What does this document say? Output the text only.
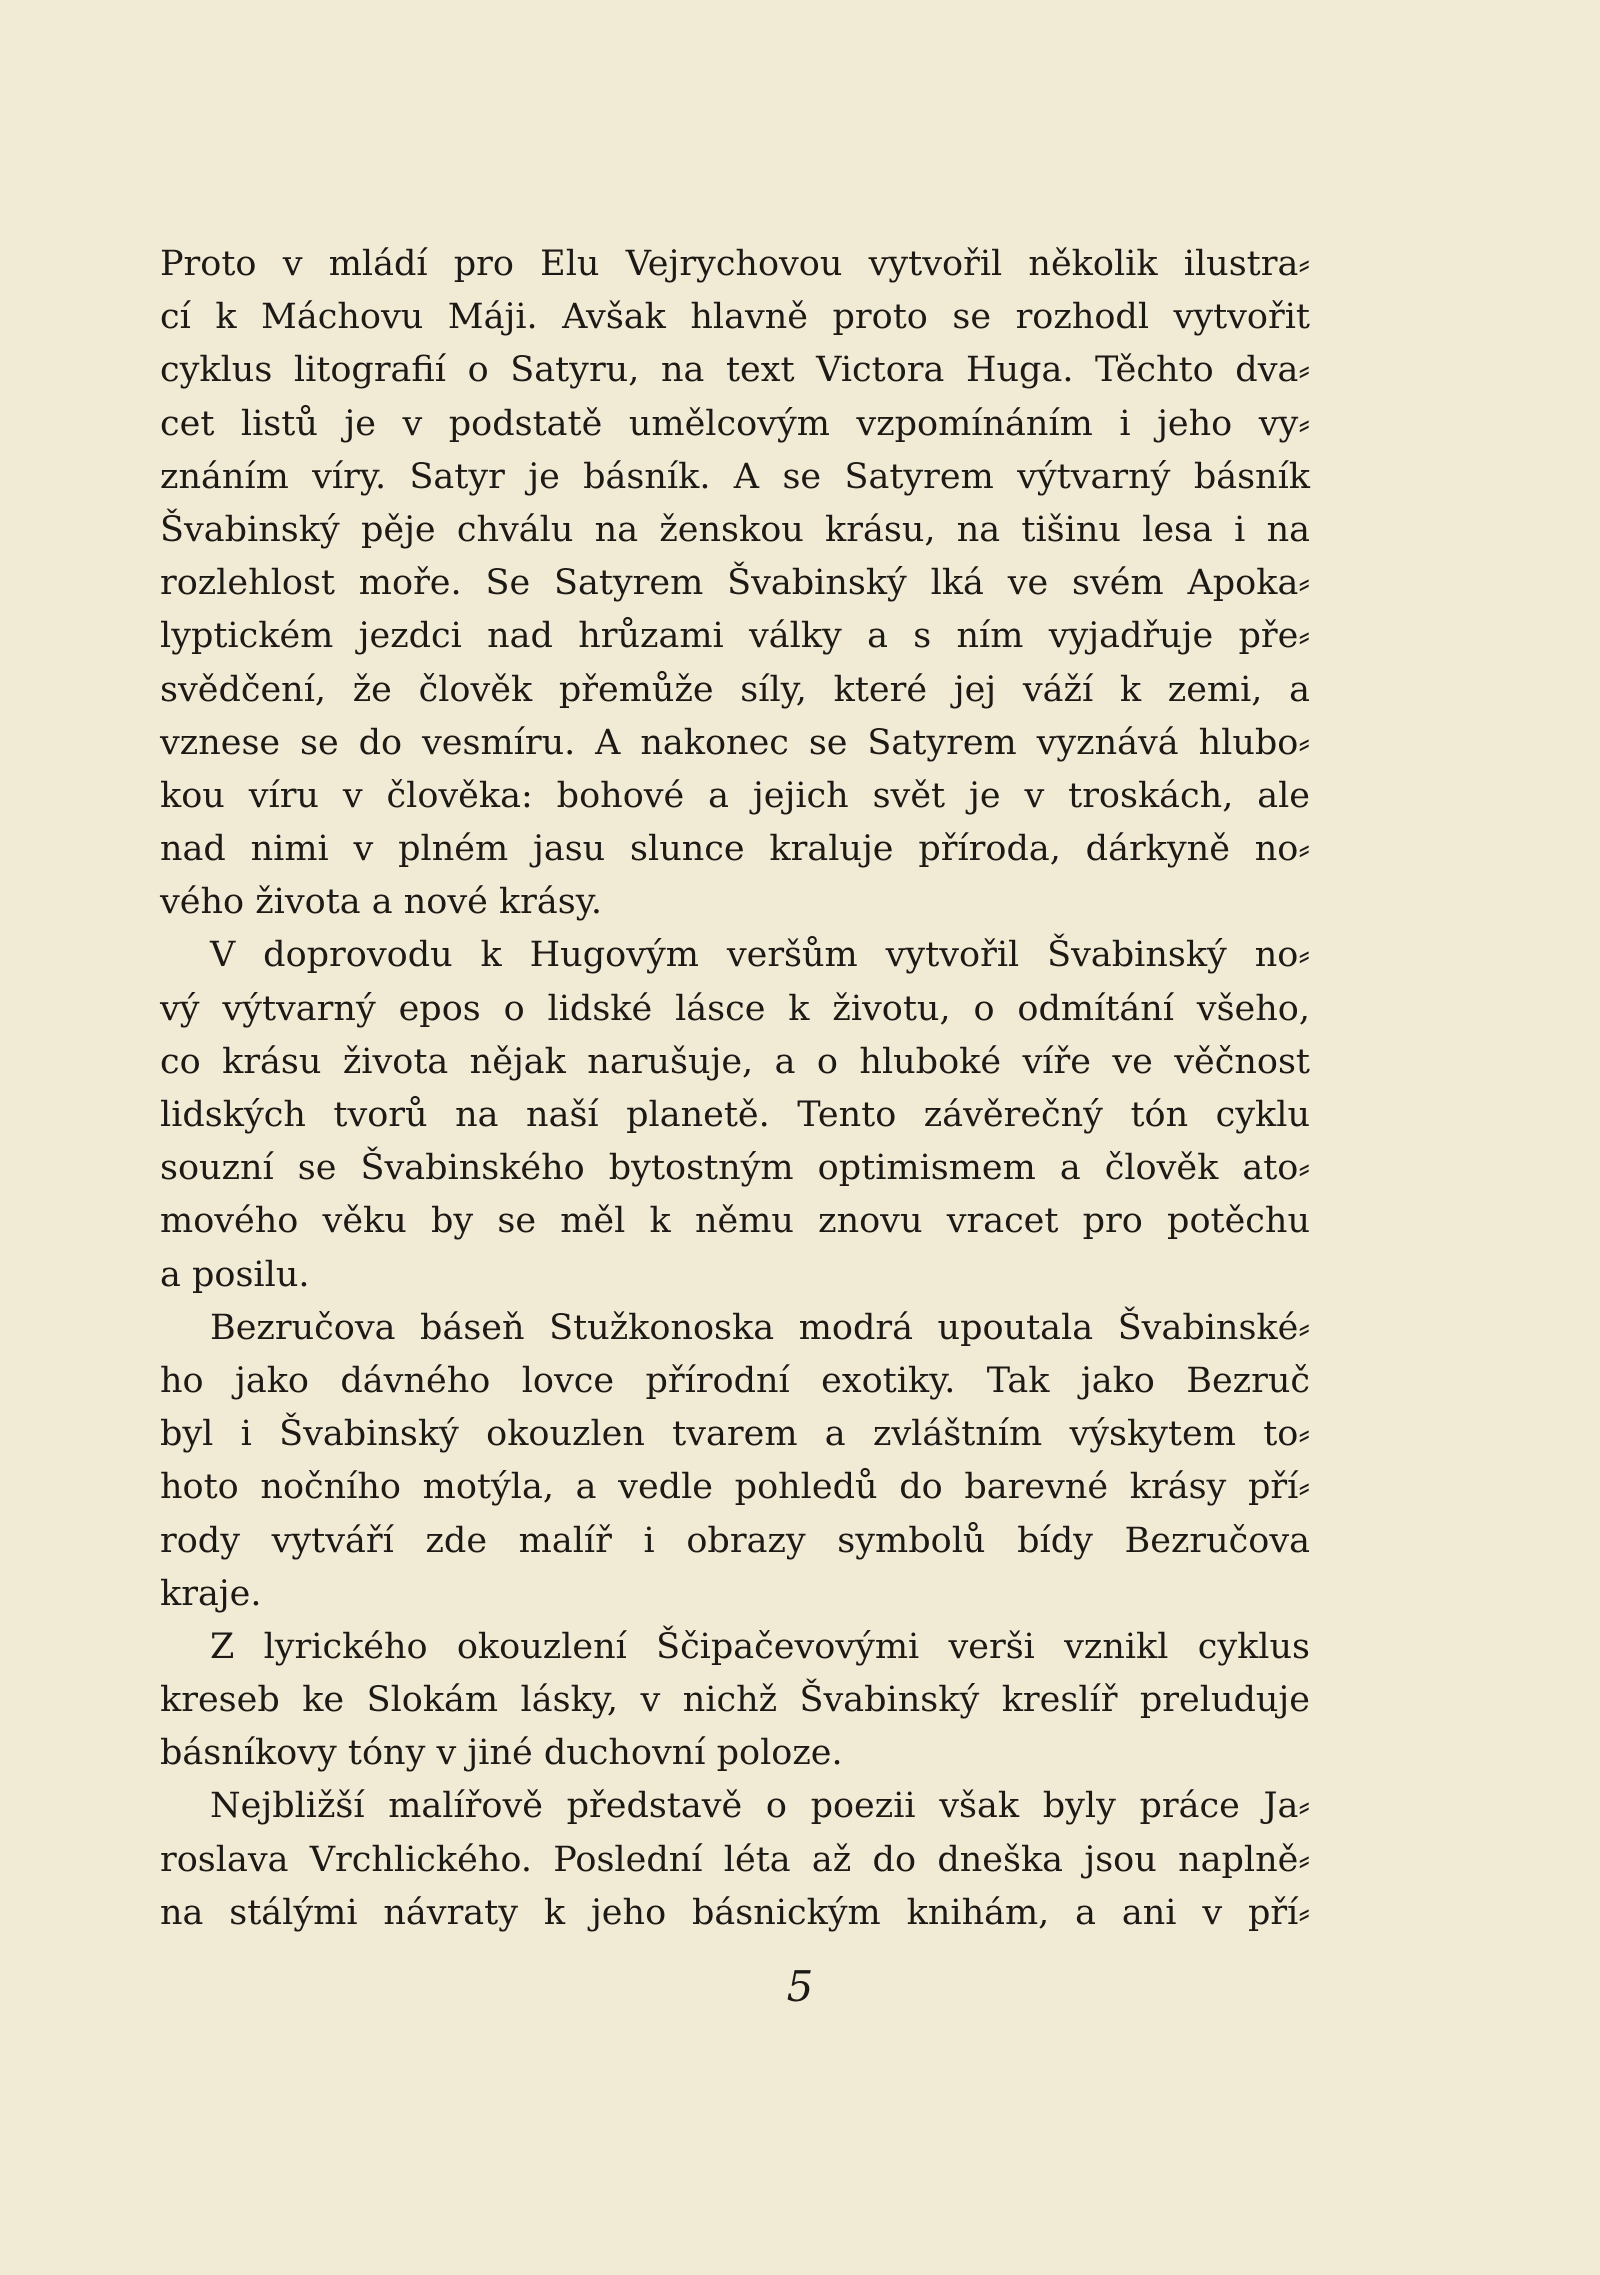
Proto v mládí pro Elu Vejrychovou vytvořil několik ilustra⸗
cí k Máchovu Máji. Avšak hlavně proto se rozhodl vytvořit
cyklus litografií o Satyru, na text Victora Huga. Těchto dva⸗
cet listů je v podstatě umělcovým vzpomínáním i jeho vy⸗
znáním víry. Satyr je básník. A se Satyrem výtvarný básník
Švabinský pěje chválu na ženskou krásu, na tišinu lesa i na
rozlehlost moře. Se Satyrem Švabinský lká ve svém Apoka⸗
lyptickém jezdci nad hrůzami války a s ním vyjadřuje pře⸗
svědčení, že člověk přemůže síly, které jej váží k zemi, a
vznese se do vesmíru. A nakonec se Satyrem vyznává hlubo⸗
kou víru v člověka: bohové a jejich svět je v troskách, ale
nad nimi v plném jasu slunce kraluje příroda, dárkyně no⸗
vého života a nové krásy.
V doprovodu k Hugovým veršům vytvořil Švabinský no⸗
vý výtvarný epos o lidské lásce k životu, o odmítání všeho,
co krásu života nějak narušuje, a o hluboké víře ve věčnost
lidských tvorů na naší planetě. Tento závěrečný tón cyklu
souzní se Švabinského bytostným optimismem a člověk ato⸗
mového věku by se měl k němu znovu vracet pro potěchu
a posilu.
Bezručova báseň Stužkonoska modrá upoutala Švabinské⸗
ho jako dávného lovce přírodní exotiky. Tak jako Bezruč
byl i Švabinský okouzlen tvarem a zvláštním výskytem to⸗
hoto nočního motýla, a vedle pohledů do barevné krásy pří⸗
rody vytváří zde malíř i obrazy symbolů bídy Bezručova
kraje.
Z lyrického okouzlení Ščipačevovými verši vznikl cyklus
kreseb ke Slokám lásky, v nichž Švabinský kreslíř preluduje
básníkovy tóny v jiné duchovní poloze.
Nejbližší malířově představě o poezii však byly práce Ja⸗
roslava Vrchlického. Poslední léta až do dneška jsou naplně⸗
na stálými návraty k jeho básnickým knihám, a ani v pří⸗
5
